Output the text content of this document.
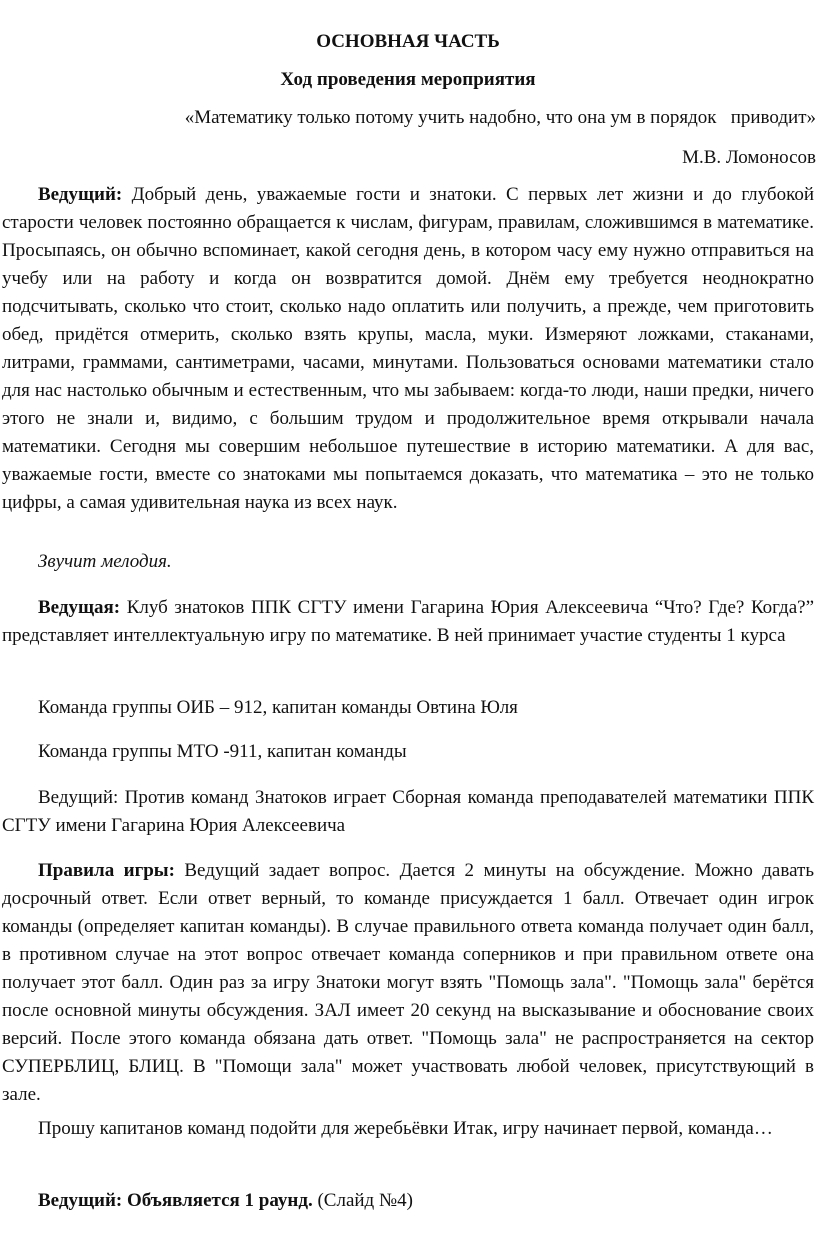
ОСНОВНАЯ ЧАСТЬ

Ход проведения мероприятия

«Математику только потому учить надобно, что она ум в порядок   приводит»

М.В. Ломоносов

Ведущий: Добрый день, уважаемые гости и знатоки. С первых лет жизни и до глубокой старости человек постоянно обращается к числам, фигурам, правилам, сложившимся в математике. Просыпаясь, он обычно вспоминает, какой сегодня день, в котором часу ему нужно отправиться на учебу или на работу и когда он возвратится домой. Днём ему требуется неоднократно подсчитывать, сколько что стоит, сколько надо оплатить или получить, а прежде, чем приготовить обед, придётся отмерить, сколько взять крупы, масла, муки. Измеряют ложками, стаканами, литрами, граммами, сантиметрами, часами, минутами. Пользоваться основами математики стало для нас настолько обычным и естественным, что мы забываем: когда-то люди, наши предки, ничего этого не знали и, видимо, с большим трудом и продолжительное время открывали начала математики. Сегодня мы совершим небольшое путешествие в историю математики. А для вас, уважаемые гости, вместе со знатоками мы попытаемся доказать, что математика – это не только цифры, а самая удивительная наука из всех наук.

Звучит мелодия.

Ведущая: Клуб знатоков ППК СГТУ имени Гагарина Юрия Алексеевича “Что? Где? Когда?” представляет интеллектуальную игру по математике. В ней принимает участие студенты 1 курса

Команда группы ОИБ – 912, капитан команды Овтина Юля

Команда группы МТО -911, капитан команды

Ведущий: Против команд Знатоков играет Сборная команда преподавателей математики ППК СГТУ имени Гагарина Юрия Алексеевича

Правила игры: Ведущий задает вопрос. Дается 2 минуты на обсуждение. Можно давать досрочный ответ. Если ответ верный, то команде присуждается 1 балл. Отвечает один игрок команды (определяет капитан команды). В случае правильного ответа команда получает один балл, в противном случае на этот вопрос отвечает команда соперников и при правильном ответе она получает этот балл. Один раз за игру Знатоки могут взять "Помощь зала". "Помощь зала" берётся после основной минуты обсуждения. ЗАЛ имеет 20 секунд на высказывание и обоснование своих версий. После этого команда обязана дать ответ. "Помощь зала" не распространяется на сектор СУПЕРБЛИЦ, БЛИЦ. В "Помощи зала" может участвовать любой человек, присутствующий в зале.

Прошу капитанов команд подойти для жеребьёвки Итак, игру начинает первой, команда…

Ведущий: Объявляется 1 раунд. (Слайд №4)
